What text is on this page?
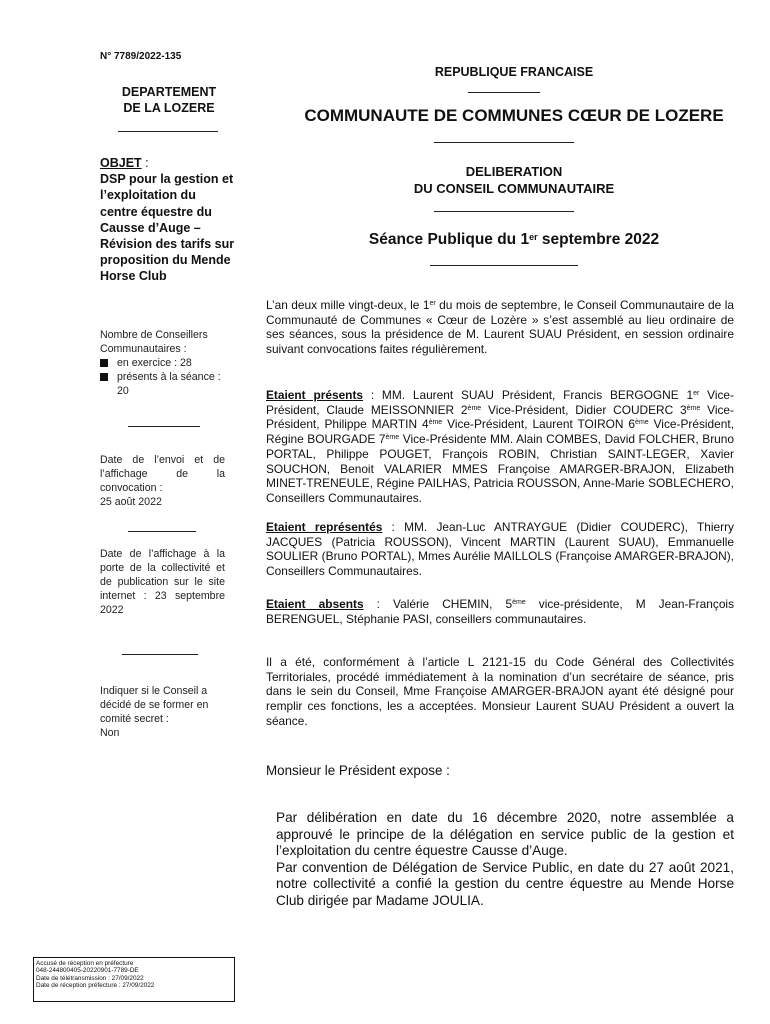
N° 7789/2022-135
DEPARTEMENT
DE LA LOZERE
OBJET :
DSP pour la gestion et l’exploitation du centre équestre du Causse d’Auge – Révision des tarifs sur proposition du Mende Horse Club
Nombre de Conseillers Communautaires :
en exercice : 28
présents à la séance : 20
Date de l’envoi et de l’affichage de la convocation :
25 août 2022
Date de l’affichage à la porte de la collectivité et de publication sur le site internet : 23 septembre 2022
Indiquer si le Conseil a décidé de se former en comité secret :
Non
REPUBLIQUE FRANCAISE
COMMUNAUTE DE COMMUNES CŒUR DE LOZERE
DELIBERATION
DU CONSEIL COMMUNAUTAIRE
Séance Publique du 1er septembre 2022
L’an deux mille vingt-deux, le 1er du mois de septembre, le Conseil Communautaire de la Communauté de Communes « Cœur de Lozère » s’est assemblé au lieu ordinaire de ses séances, sous la présidence de M. Laurent SUAU Président, en session ordinaire suivant convocations faites régulièrement.
Etaient présents : MM. Laurent SUAU Président, Francis BERGOGNE 1er Vice-Président, Claude MEISSONNIER 2ème Vice-Président, Didier COUDERC 3ème Vice-Président, Philippe MARTIN 4ème Vice-Président, Laurent TOIRON 6ème Vice-Président, Régine BOURGADE 7ème Vice-Présidente MM. Alain COMBES, David FOLCHER, Bruno PORTAL, Philippe POUGET, François ROBIN, Christian SAINT-LEGER, Xavier SOUCHON, Benoit VALARIER MMES Françoise AMARGER-BRAJON, Elizabeth MINET-TRENEULE, Régine PAILHAS, Patricia ROUSSON, Anne-Marie SOBLECHERO, Conseillers Communautaires.
Etaient représentés : MM. Jean-Luc ANTRAYGUE (Didier COUDERC), Thierry JACQUES (Patricia ROUSSON), Vincent MARTIN (Laurent SUAU), Emmanuelle SOULIER (Bruno PORTAL), Mmes Aurélie MAILLOLS (Françoise AMARGER-BRAJON), Conseillers Communautaires.
Etaient absents : Valérie CHEMIN, 5ème vice-présidente, M Jean-François BERENGUEL, Stéphanie PASI, conseillers communautaires.
Il a été, conformément à l’article L 2121-15 du Code Général des Collectivités Territoriales, procédé immédiatement à la nomination d’un secrétaire de séance, pris dans le sein du Conseil, Mme Françoise AMARGER-BRAJON ayant été désigné pour remplir ces fonctions, les a acceptées. Monsieur Laurent SUAU Président a ouvert la séance.
Monsieur le Président expose :
Par délibération en date du 16 décembre 2020, notre assemblée a approuvé le principe de la délégation en service public de la gestion et l’exploitation du centre équestre Causse d’Auge.
Par convention de Délégation de Service Public, en date du 27 août 2021, notre collectivité a confié la gestion du centre équestre au Mende Horse Club dirigée par Madame JOULIA.
Accusé de réception en préfecture
048-244800405-20220901-7789-DE
Date de télétransmission : 27/09/2022
Date de réception préfecture : 27/09/2022
